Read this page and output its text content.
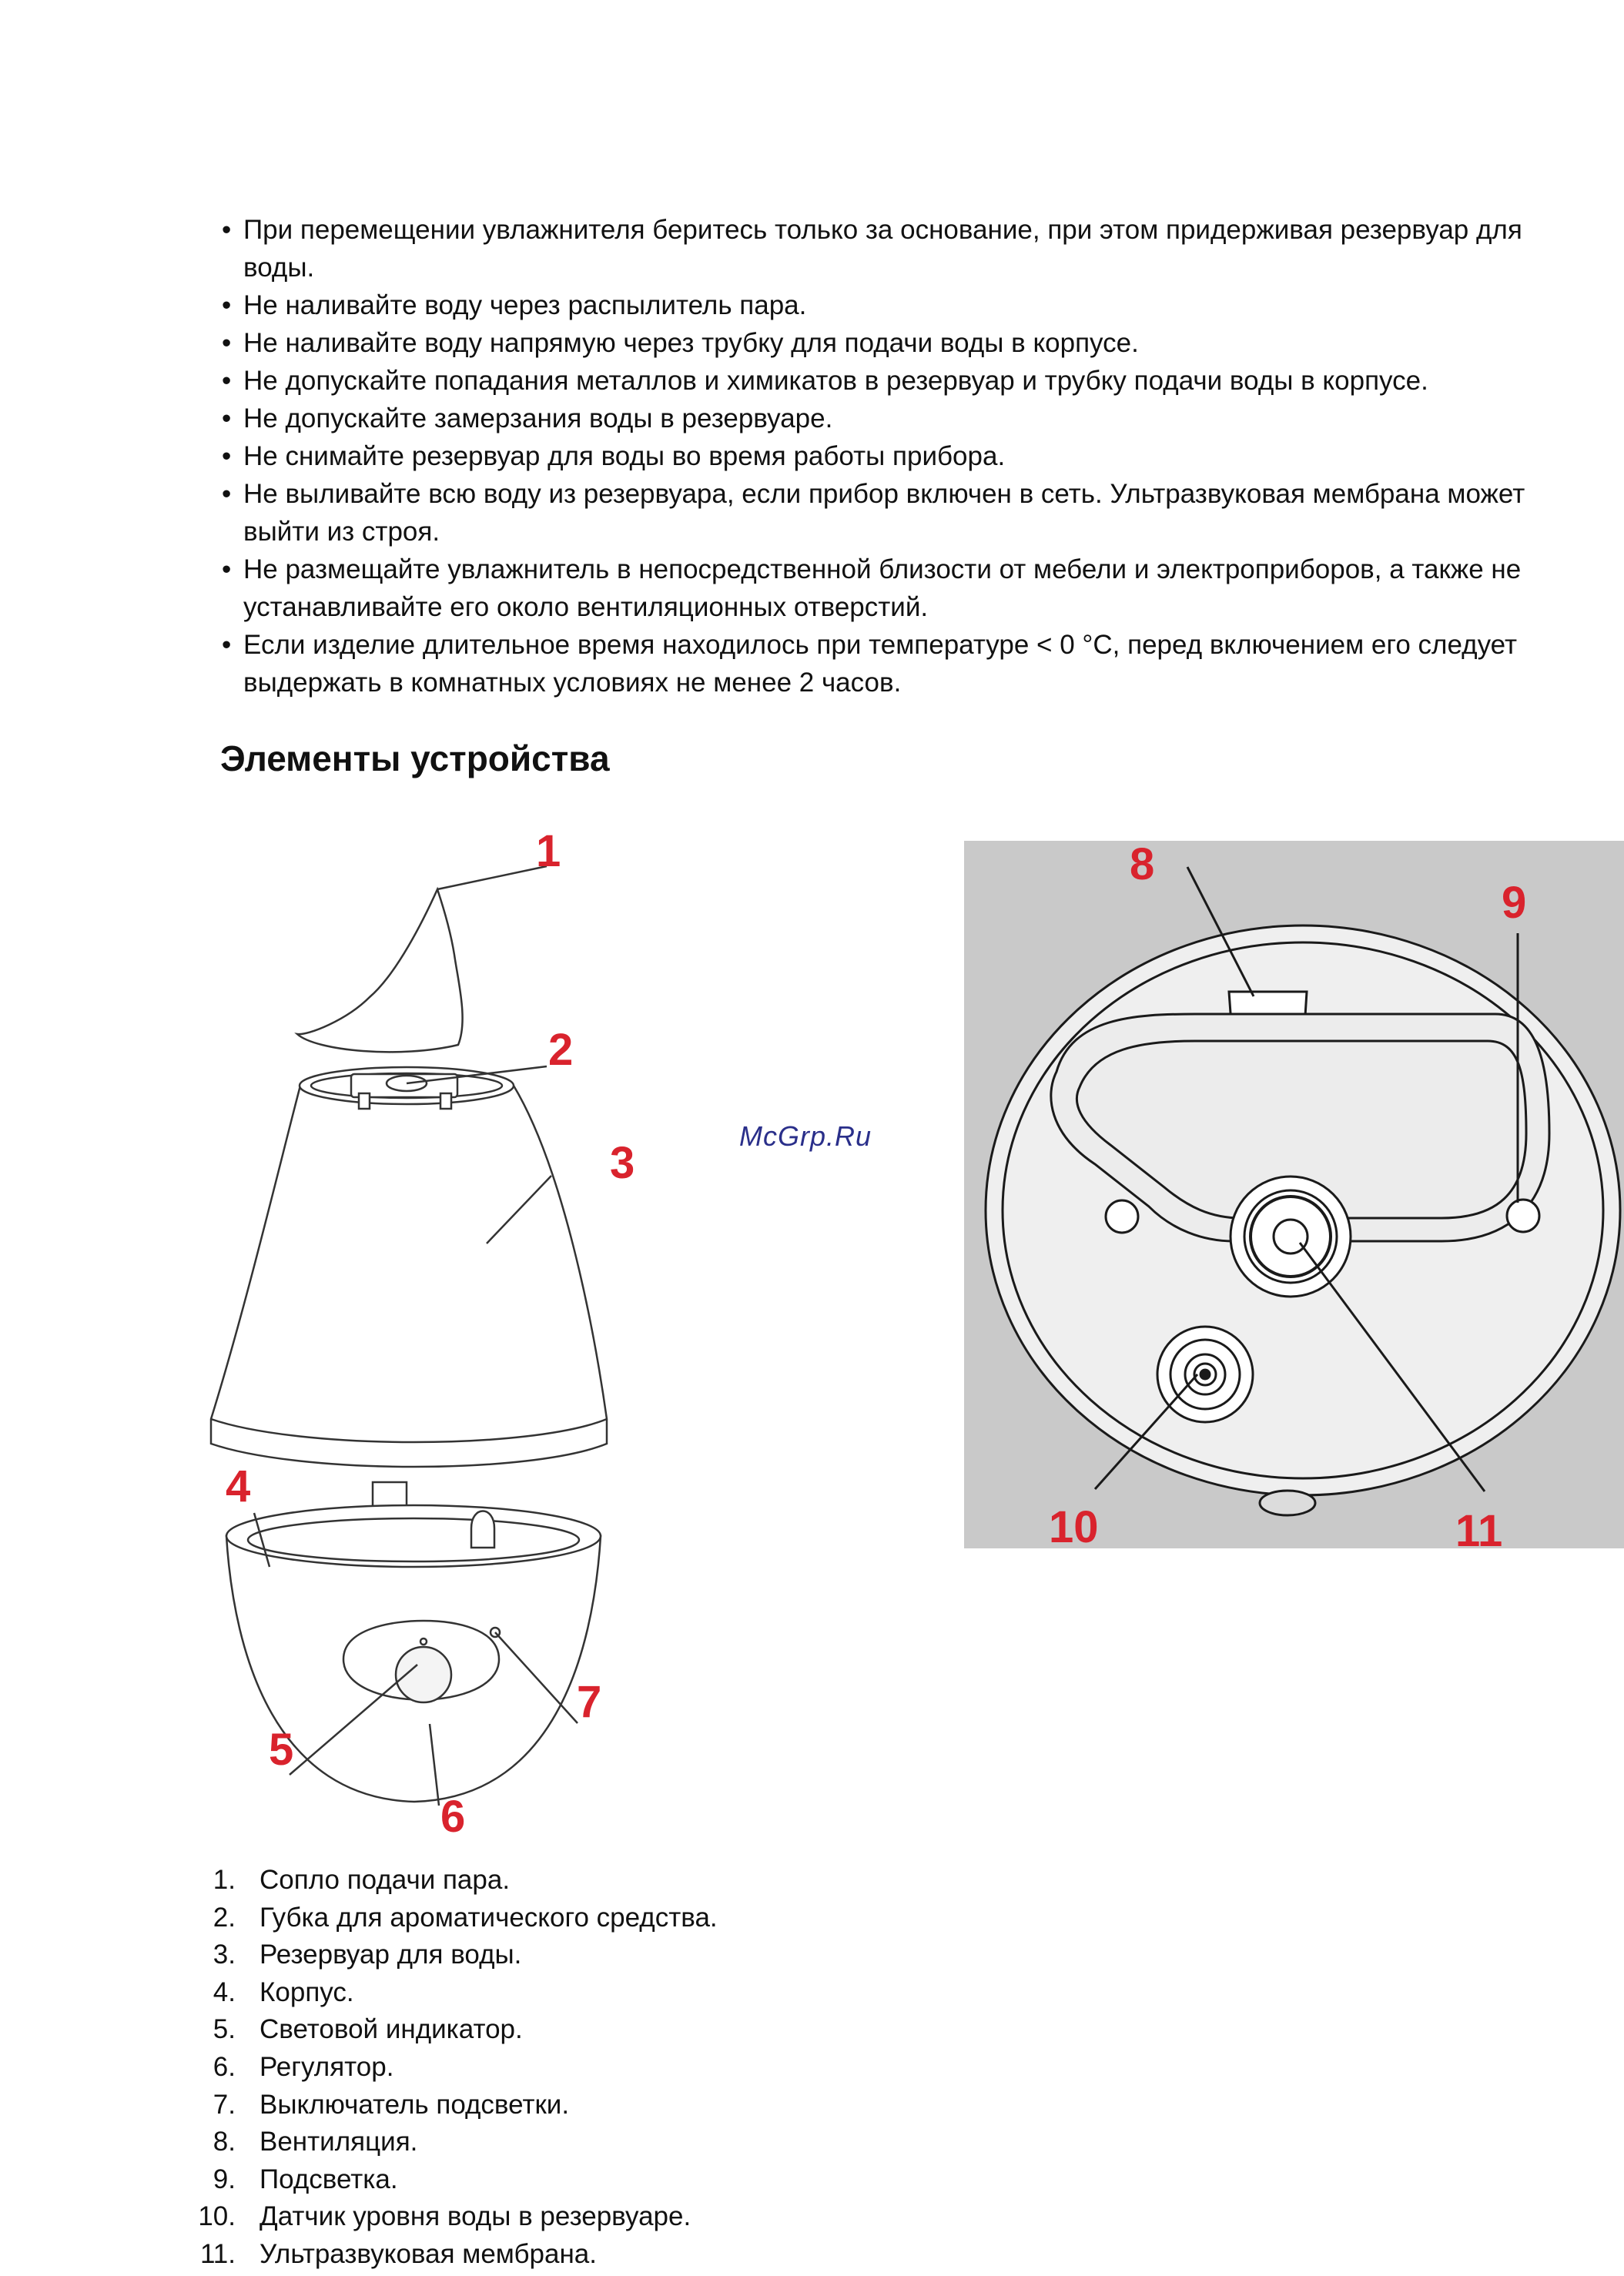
• При перемещении увлажнителя беритесь только за основание, при этом придерживая резервуар для воды.
• Не наливайте воду через распылитель пара.
• Не наливайте воду напрямую через трубку для подачи воды в корпусе.
• Не допускайте попадания металлов и химикатов в резервуар и трубку подачи воды в корпусе.
• Не допускайте замерзания воды в резервуаре.
• Не снимайте резервуар для воды во время работы прибора.
• Не выливайте всю воду из резервуара, если прибор включен в сеть. Ультразвуковая мембрана может выйти из строя.
• Не размещайте увлажнитель в непосредственной близости от мебели и электроприборов, а также не устанавливайте его около вентиляционных отверстий.
• Если изделие длительное время находилось при температуре < 0 °C, перед включением его следует выдержать в комнатных условиях не менее 2 часов.
Элементы устройства
1
2
3
4
5
6
7
McGrp.Ru
8
9
10	11
1. Сопло подачи пара.
2. Губка для ароматического средства.
3. Резервуар для воды.
4. Корпус.
5. Световой индикатор.
6. Регулятор.
7. Выключатель подсветки.
8. Вентиляция.
9. Подсветка.
10. Датчик уровня воды в резервуаре.
11. Ультразвуковая мембрана.
